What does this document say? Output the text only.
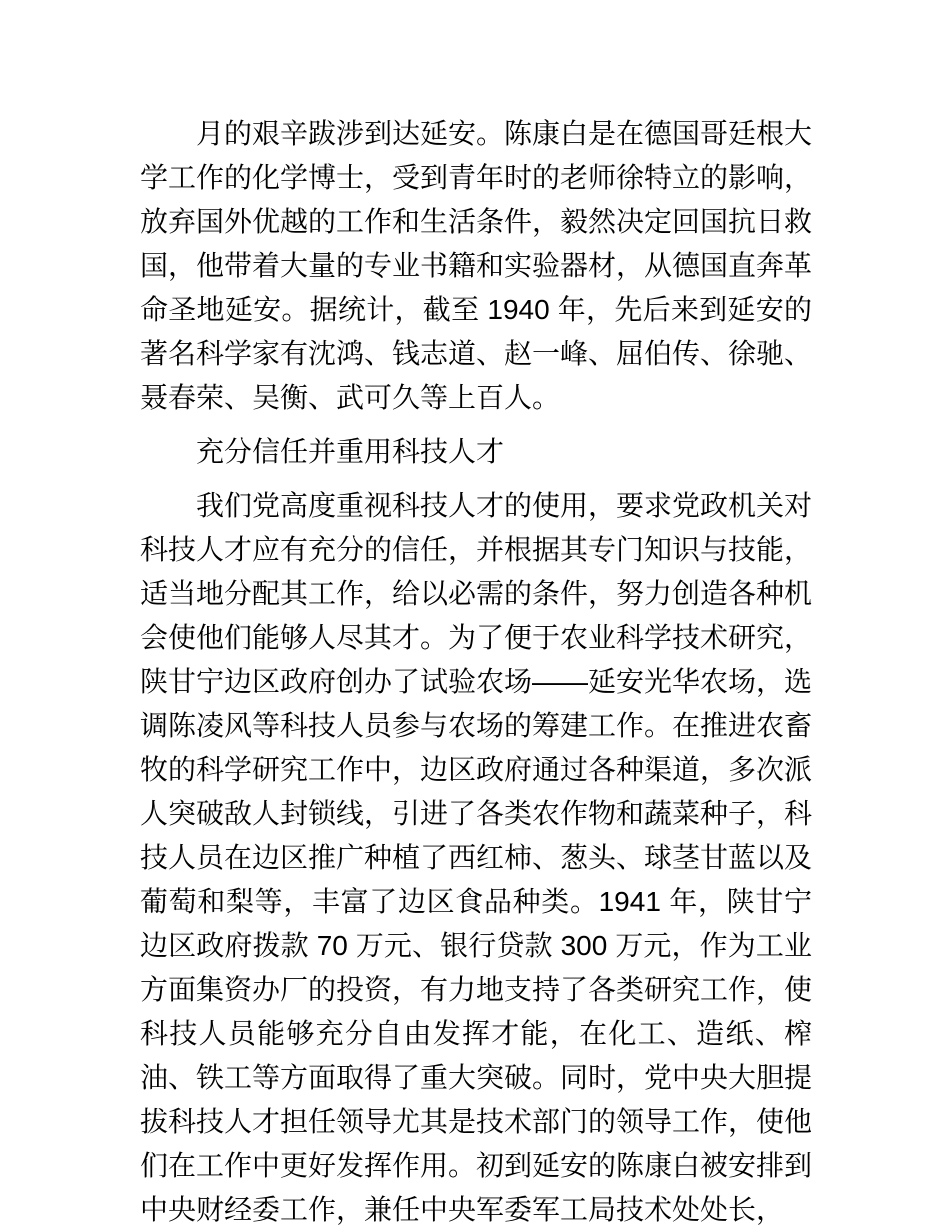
月的艰辛跋涉到达延安。陈康白是在德国哥廷根大学工作的化学博士，受到青年时的老师徐特立的影响，放弃国外优越的工作和生活条件，毅然决定回国抗日救国，他带着大量的专业书籍和实验器材，从德国直奔革命圣地延安。据统计，截至 1940 年，先后来到延安的著名科学家有沈鸿、钱志道、赵一峰、屈伯传、徐驰、聂春荣、吴衡、武可久等上百人。

充分信任并重用科技人才

我们党高度重视科技人才的使用，要求党政机关对科技人才应有充分的信任，并根据其专门知识与技能，适当地分配其工作，给以必需的条件，努力创造各种机会使他们能够人尽其才。为了便于农业科学技术研究，陕甘宁边区政府创办了试验农场——延安光华农场，选调陈凌风等科技人员参与农场的筹建工作。在推进农畜牧的科学研究工作中，边区政府通过各种渠道，多次派人突破敌人封锁线，引进了各类农作物和蔬菜种子，科技人员在边区推广种植了西红柿、葱头、球茎甘蓝以及葡萄和梨等，丰富了边区食品种类。1941 年，陕甘宁边区政府拨款 70 万元、银行贷款 300 万元，作为工业方面集资办厂的投资，有力地支持了各类研究工作，使科技人员能够充分自由发挥才能，在化工、造纸、榨油、铁工等方面取得了重大突破。同时，党中央大胆提拔科技人才担任领导尤其是技术部门的领导工作，使他们在工作中更好发挥作用。初到延安的陈康白被安排到中央财经委工作，兼任中央军委军工局技术处处长，
